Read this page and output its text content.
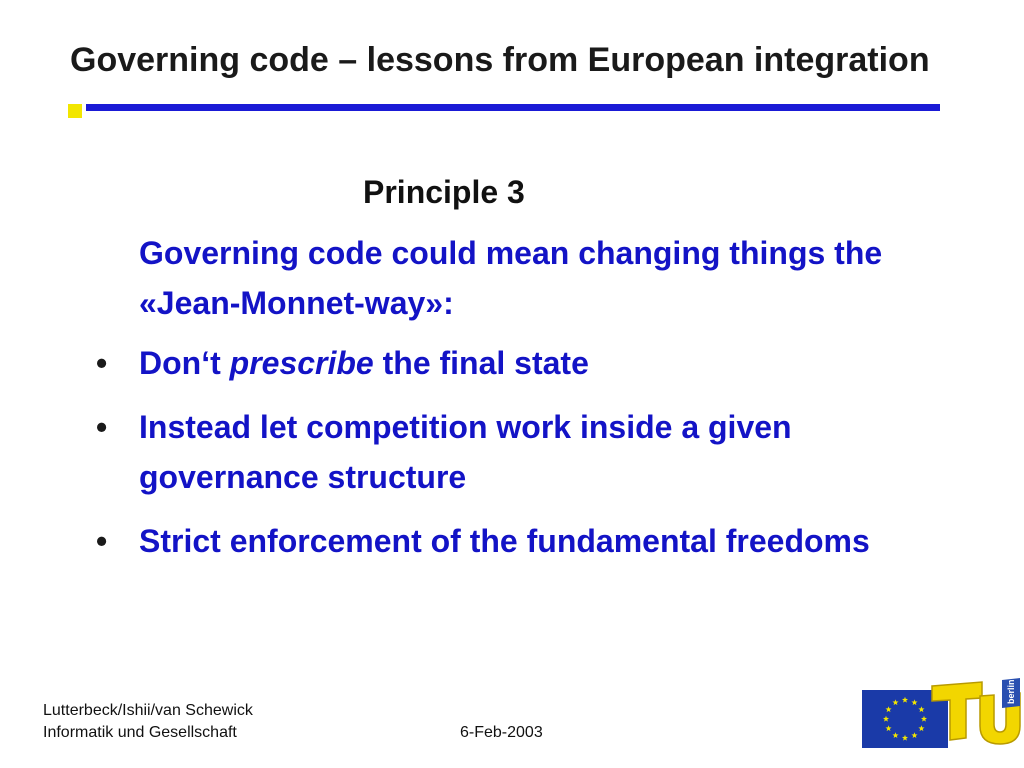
Governing code – lessons from European integration
Principle 3
Governing code could mean changing things the «Jean-Monnet-way»:
• Don‘t prescribe the final state
• Instead let competition work inside a given governance structure
• Strict enforcement of the fundamental freedoms
Lutterbeck/Ishii/van Schewick
Informatik und Gesellschaft	6-Feb-2003
berlin
